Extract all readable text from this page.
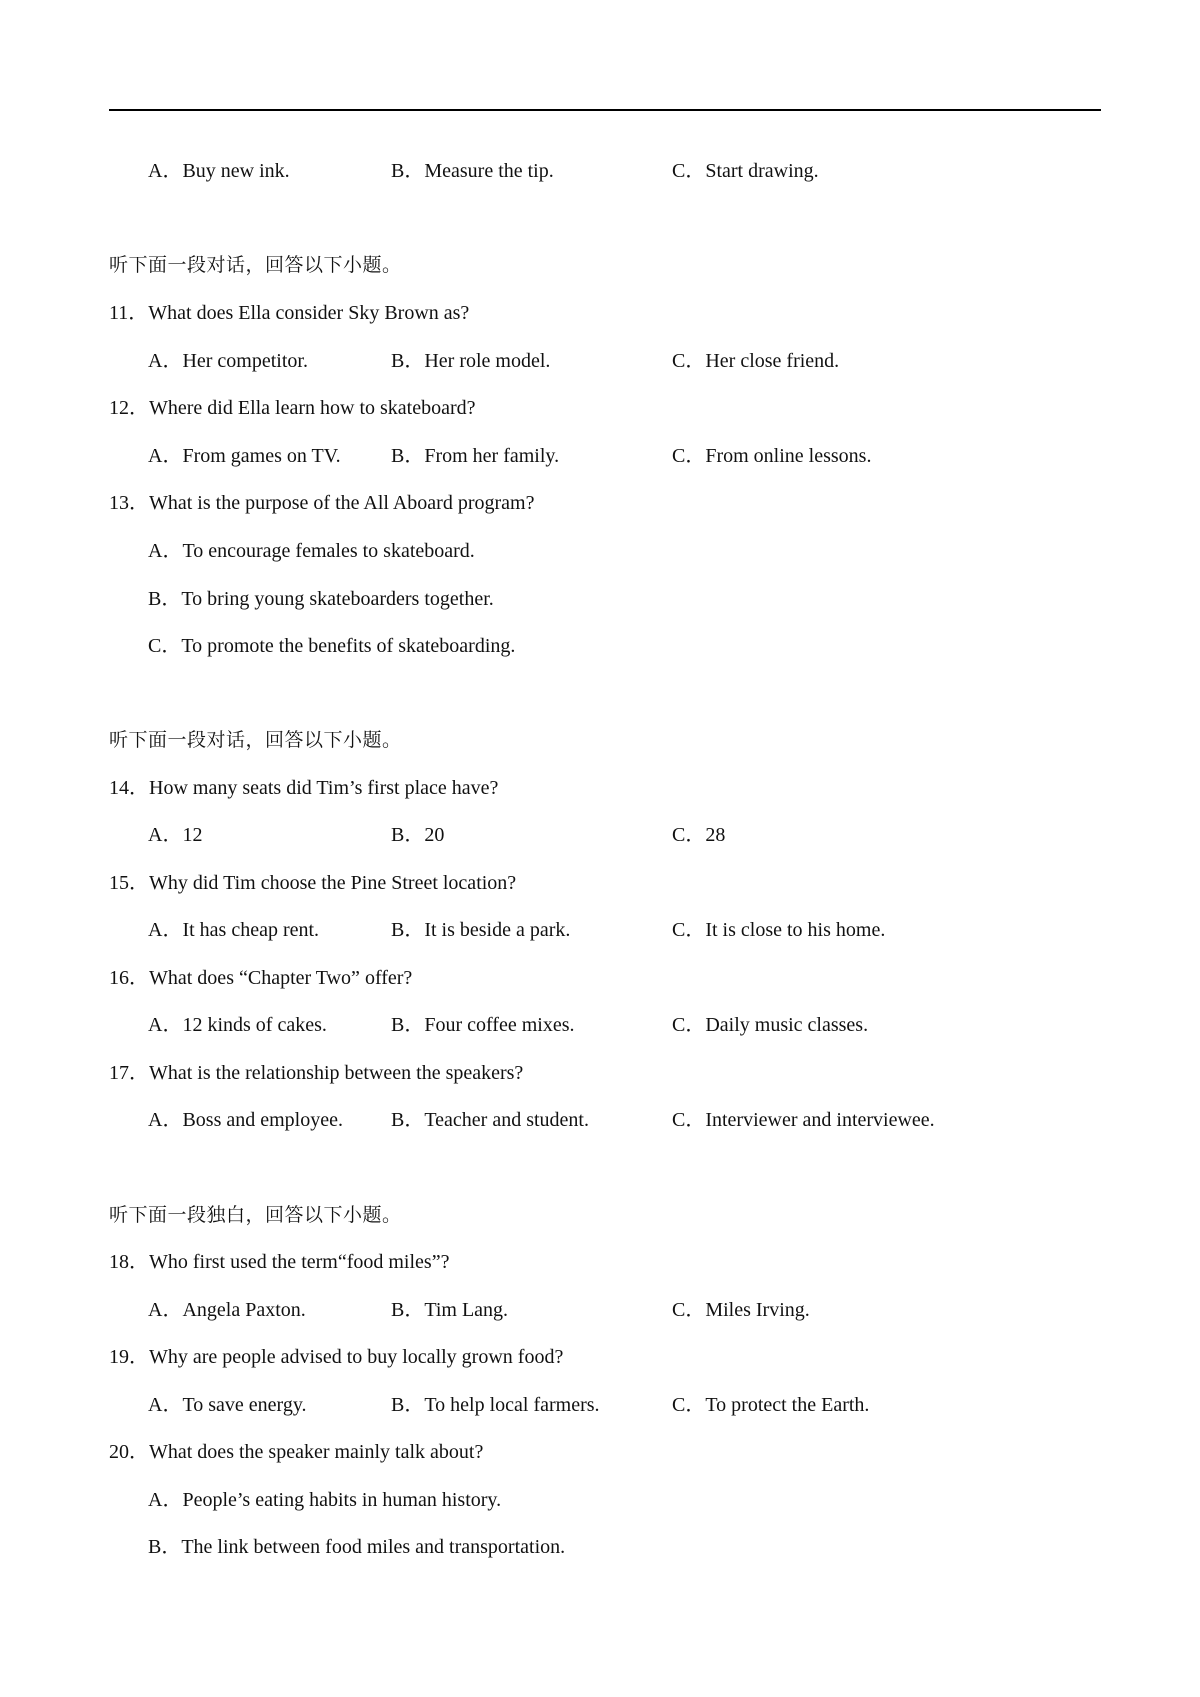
A．Buy new ink.	B．Measure the tip.	C．Start drawing.
听下面一段对话，回答以下小题。
11．What does Ella consider Sky Brown as?
A．Her competitor.	B．Her role model.	C．Her close friend.
12．Where did Ella learn how to skateboard?
A．From games on TV.	B．From her family.	C．From online lessons.
13．What is the purpose of the All Aboard program?
A．To encourage females to skateboard.
B．To bring young skateboarders together.
C．To promote the benefits of skateboarding.
听下面一段对话，回答以下小题。
14．How many seats did Tim’s first place have?
A．12	B．20	C．28
15．Why did Tim choose the Pine Street location?
A．It has cheap rent.	B．It is beside a park.	C．It is close to his home.
16．What does “Chapter Two” offer?
A．12 kinds of cakes.	B．Four coffee mixes.	C．Daily music classes.
17．What is the relationship between the speakers?
A．Boss and employee. B．Teacher and student.	C．Interviewer and interviewee.
听下面一段独白，回答以下小题。
18．Who first used the term“food miles”?
A．Angela Paxton.	B．Tim Lang.	C．Miles Irving.
19．Why are people advised to buy locally grown food?
A．To save energy.	B．To help local farmers.	C．To protect the Earth.
20．What does the speaker mainly talk about?
A．People’s eating habits in human history.
B．The link between food miles and transportation.
